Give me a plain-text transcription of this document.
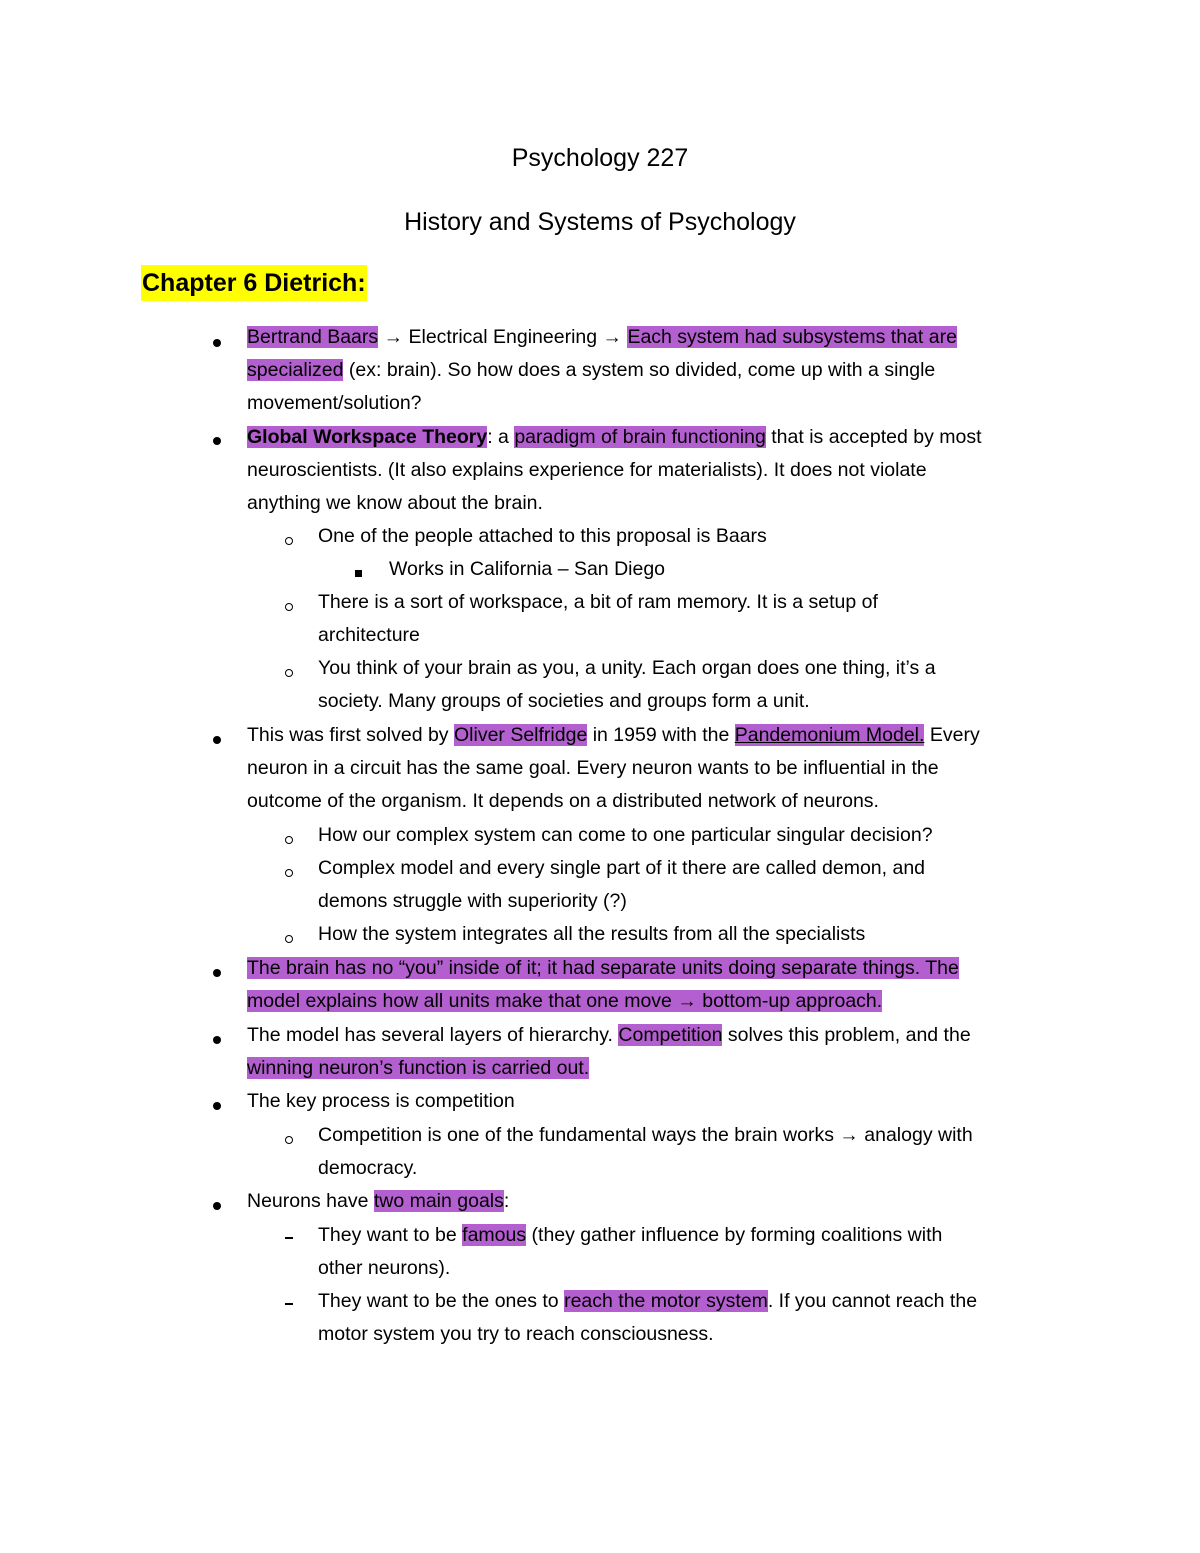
Psychology 227
History and Systems of Psychology
Chapter 6 Dietrich:
Bertrand Baars → Electrical Engineering → Each system had subsystems that are
specialized (ex: brain). So how does a system so divided, come up with a single
movement/solution?
Global Workspace Theory: a paradigm of brain functioning that is accepted by most
neuroscientists. (It also explains experience for materialists). It does not violate
anything we know about the brain.
One of the people attached to this proposal is Baars
Works in California – San Diego
There is a sort of workspace, a bit of ram memory. It is a setup of
architecture
You think of your brain as you, a unity. Each organ does one thing, it’s a
society. Many groups of societies and groups form a unit.
This was first solved by Oliver Selfridge in 1959 with the Pandemonium Model. Every
neuron in a circuit has the same goal. Every neuron wants to be influential in the
outcome of the organism. It depends on a distributed network of neurons.
How our complex system can come to one particular singular decision?
Complex model and every single part of it there are called demon, and
demons struggle with superiority (?)
How the system integrates all the results from all the specialists
The brain has no “you” inside of it; it had separate units doing separate things. The
model explains how all units make that one move → bottom-up approach.
The model has several layers of hierarchy. Competition solves this problem, and the
winning neuron’s function is carried out.
The key process is competition
Competition is one of the fundamental ways the brain works → analogy with
democracy.
Neurons have two main goals:
They want to be famous (they gather influence by forming coalitions with
other neurons).
They want to be the ones to reach the motor system. If you cannot reach the
motor system you try to reach consciousness.
